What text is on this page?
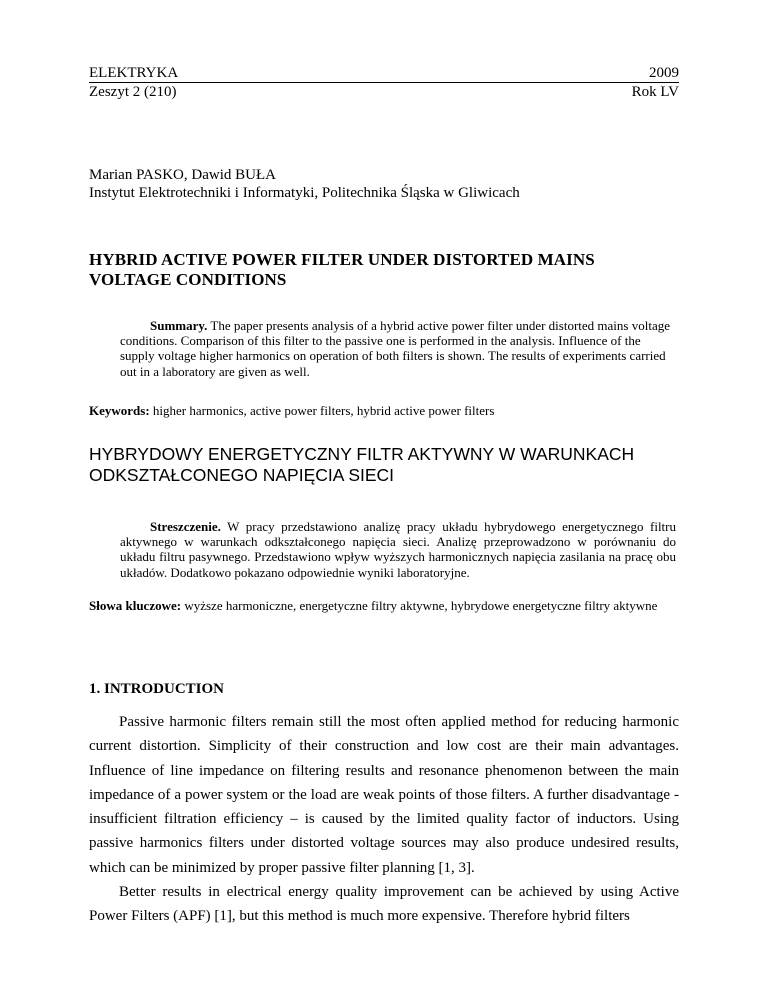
ELEKTRYKA	2009
Zeszyt 2 (210)	Rok LV
Marian PASKO, Dawid BUŁA
Instytut Elektrotechniki i Informatyki, Politechnika Śląska w Gliwicach
HYBRID ACTIVE POWER FILTER UNDER DISTORTED MAINS
VOLTAGE CONDITIONS
Summary. The paper presents analysis of a hybrid active power filter under distorted mains voltage conditions. Comparison of this filter to the passive one is performed in the analysis. Influence of the supply voltage higher harmonics on operation of both filters is shown. The results of experiments carried out in a laboratory are given as well.
Keywords: higher harmonics, active power filters, hybrid active power filters
HYBRYDOWY ENERGETYCZNY FILTR AKTYWNY W WARUNKACH
ODKSZTAŁCONEGO NAPIĘCIA SIECI
Streszczenie. W pracy przedstawiono analizę pracy układu hybrydowego energetycznego filtru aktywnego w warunkach odkształconego napięcia sieci. Analizę przeprowadzono w porównaniu do układu filtru pasywnego. Przedstawiono wpływ wyższych harmonicznych napięcia zasilania na pracę obu układów. Dodatkowo pokazano odpowiednie wyniki laboratoryjne.
Słowa kluczowe: wyższe harmoniczne, energetyczne filtry aktywne, hybrydowe energetyczne filtry aktywne
1. INTRODUCTION

Passive harmonic filters remain still the most often applied method for reducing harmonic current distortion. Simplicity of their construction and low cost are their main advantages. Influence of line impedance on filtering results and resonance phenomenon between the main impedance of a power system or the load are weak points of those filters. A further disadvantage - insufficient filtration efficiency – is caused by the limited quality factor of inductors. Using passive harmonics filters under distorted voltage sources may also produce undesired results, which can be minimized by proper passive filter planning [1, 3].

Better results in electrical energy quality improvement can be achieved by using Active Power Filters (APF) [1], but this method is much more expensive. Therefore hybrid filters
